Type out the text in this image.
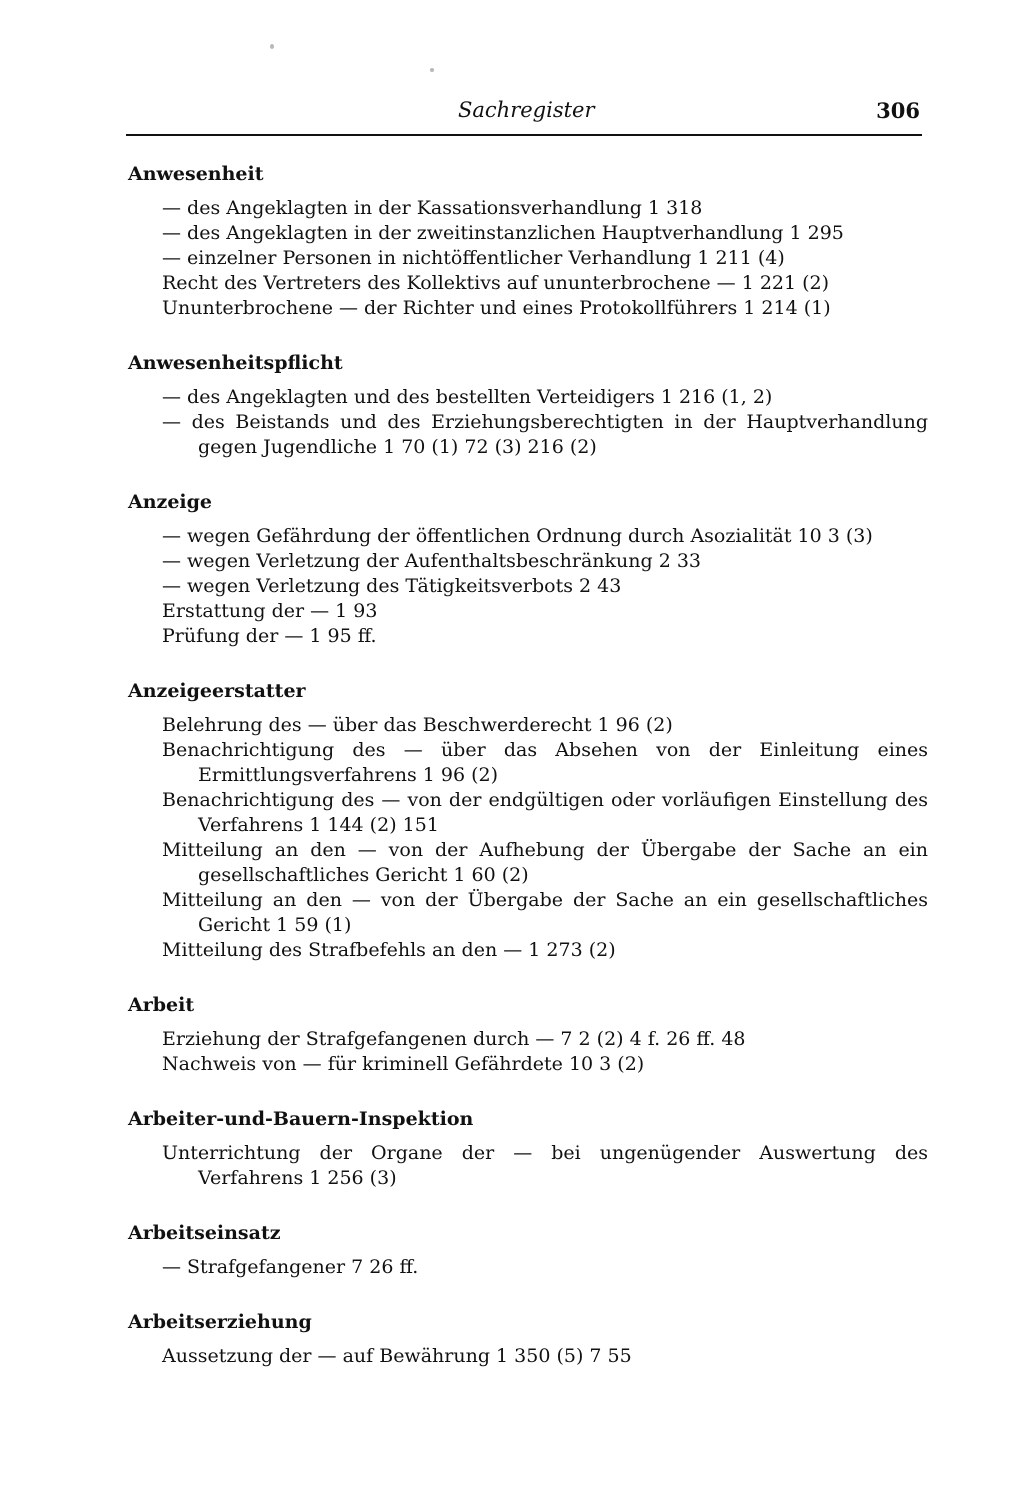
Sachregister	306
Anwesenheit
— des Angeklagten in der Kassationsverhandlung 1 318
— des Angeklagten in der zweitinstanzlichen Hauptverhandlung 1 295
— einzelner Personen in nichtöffentlicher Verhandlung 1 211 (4)
Recht des Vertreters des Kollektivs auf ununterbrochene — 1 221 (2)
Ununterbrochene — der Richter und eines Protokollführers 1 214 (1)
Anwesenheitspflicht
— des Angeklagten und des bestellten Verteidigers 1 216 (1, 2)
— des Beistands und des Erziehungsberechtigten in der Hauptverhandlung gegen Jugendliche 1 70 (1) 72 (3) 216 (2)
Anzeige
— wegen Gefährdung der öffentlichen Ordnung durch Asozialität 10 3 (3)
— wegen Verletzung der Aufenthaltsbeschränkung 2 33
— wegen Verletzung des Tätigkeitsverbots 2 43
Erstattung der — 1 93
Prüfung der — 1 95 ff.
Anzeigeerstatter
Belehrung des — über das Beschwerderecht 1 96 (2)
Benachrichtigung des — über das Absehen von der Einleitung eines Ermittlungsverfahrens 1 96 (2)
Benachrichtigung des — von der endgültigen oder vorläufigen Einstellung des Verfahrens 1 144 (2) 151
Mitteilung an den — von der Aufhebung der Übergabe der Sache an ein gesellschaftliches Gericht 1 60 (2)
Mitteilung an den — von der Übergabe der Sache an ein gesellschaftliches Gericht 1 59 (1)
Mitteilung des Strafbefehls an den — 1 273 (2)
Arbeit
Erziehung der Strafgefangenen durch — 7 2 (2) 4 f. 26 ff. 48
Nachweis von — für kriminell Gefährdete 10 3 (2)
Arbeiter-und-Bauern-Inspektion
Unterrichtung der Organe der — bei ungenügender Auswertung des Verfahrens 1 256 (3)
Arbeitseinsatz
— Strafgefangener 7 26 ff.
Arbeitserziehung
Aussetzung der — auf Bewährung 1 350 (5) 7 55
